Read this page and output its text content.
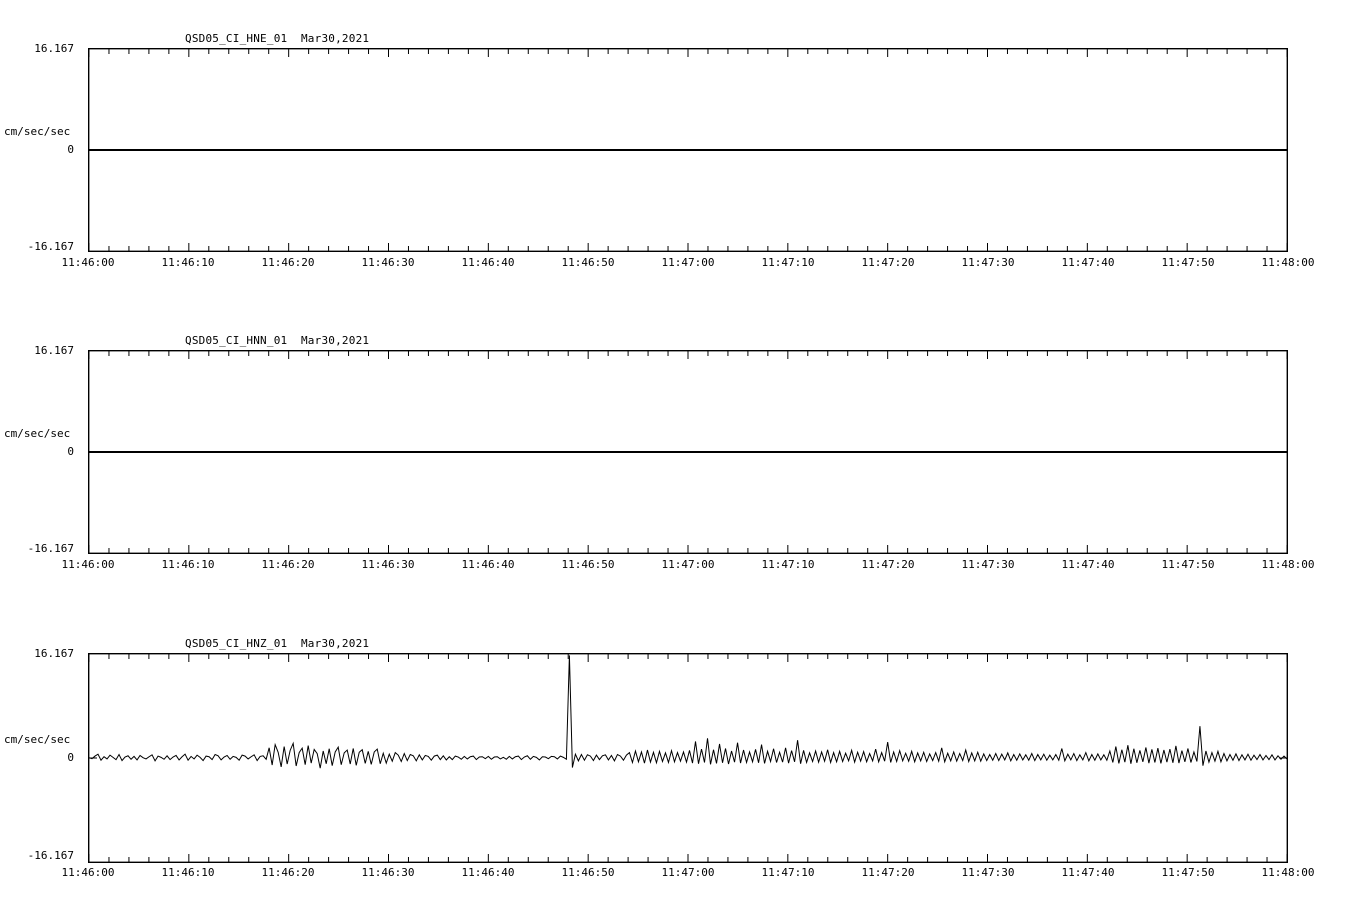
QSD05_CI_HNE_01  Mar30,2021
16.167
cm/sec/sec
0
-16.167
11:46:00	11:46:10	11:46:20	11:46:30	11:46:40	11:46:50	11:47:00	11:47:10	11:47:20	11:47:30	11:47:40	11:47:50	11:48:00
QSD05_CI_HNN_01  Mar30,2021
16.167
cm/sec/sec
0
-16.167
11:46:00	11:46:10	11:46:20	11:46:30	11:46:40	11:46:50	11:47:00	11:47:10	11:47:20	11:47:30	11:47:40	11:47:50	11:48:00
QSD05_CI_HNZ_01  Mar30,2021
16.167
cm/sec/sec
0
-16.167
11:46:00	11:46:10	11:46:20	11:46:30	11:46:40	11:46:50	11:47:00	11:47:10	11:47:20	11:47:30	11:47:40	11:47:50	11:48:00
